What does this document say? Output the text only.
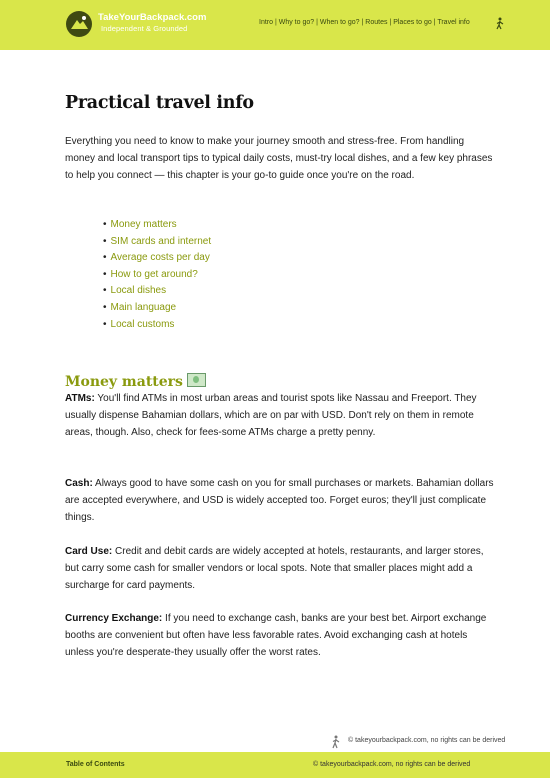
TakeYourBackpack.com
Independent & Grounded
Intro | Why to go? | When to go? | Routes | Places to go | Travel info
Practical travel info

Everything you need to know to make your journey smooth and stress-free. From handling money and local transport tips to typical daily costs, must-try local dishes, and a few key phrases to help you connect — this chapter is your go-to guide once you're on the road.

• Money matters
• SIM cards and internet
• Average costs per day
• How to get around?
• Local dishes
• Main language
• Local customs
Money matters

ATMs: You'll find ATMs in most urban areas and tourist spots like Nassau and Freeport. They usually dispense Bahamian dollars, which are on par with USD. Don't rely on them in remote areas, though. Also, check for fees-some ATMs charge a pretty penny.

Cash: Always good to have some cash on you for small purchases or markets. Bahamian dollars are accepted everywhere, and USD is widely accepted too. Forget euros; they'll just complicate things.

Card Use: Credit and debit cards are widely accepted at hotels, restaurants, and larger stores, but carry some cash for smaller vendors or local spots. Note that smaller places might add a surcharge for card payments.

Currency Exchange: If you need to exchange cash, banks are your best bet. Airport exchange booths are convenient but often have less favorable rates. Avoid exchanging cash at hotels unless you're desperate-they usually offer the worst rates.

© takeyourbackpack.com, no rights can be derived
Table of Contents	© takeyourbackpack.com, no rights can be derived
